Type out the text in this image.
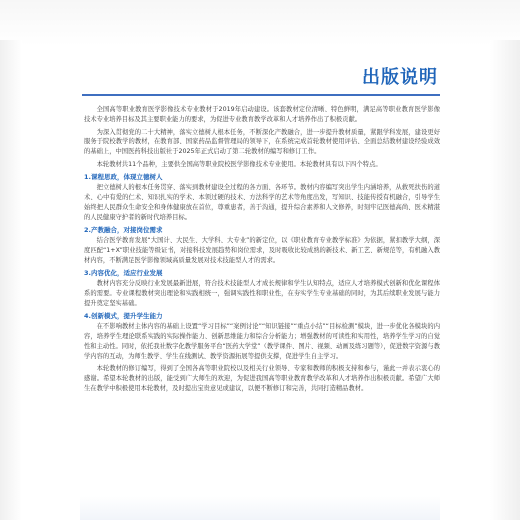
出版说明

全国高等职业教育医学影像技术专业教材于2019年启动建设。该套教材定位清晰、特色鲜明，满足高等职业教育医学影像技术专业培养目标及其主要职业能力的要求，为促进专业教育教学改革和人才培养作出了积极贡献。

为深入贯彻党的二十大精神，落实立德树人根本任务，不断深化产教融合，进一步提升教材质量，紧跟学科发展，建设更好服务于院校教学的教材，在教育部、国家药品监督管理局的领导下，在系统完成首轮教材使用评估、全面总结教材建设经验成效的基础上，中国医药科技出版社于2025年正式启动了第二轮教材的编写和修订工作。

本轮教材共11个品种，主要供全国高等职业院校医学影像技术专业使用。本轮教材具有以下四个特点。

1.课程思政，体现立德树人

把立德树人的根本任务贯穿、落实到教材建设全过程的各方面、各环节。教材内容编写突出学生内涵培养，从救死扶伤的道术、心中有爱的仁术、知识扎实的学术、本领过硬的技术、方法科学的艺术等角度出发，写知识、技能传授有机融合，引导学生始终把人民群众生命安全和身体健康放在首位，尊重患者，善于沟通，提升综合素养和人文修养，时刻牢记医德高尚、医术精湛的人民健康守护者的新时代培养目标。

2.产教融合，对接岗位需求

结合医学教育发展“大国计、大民生、大学科、大专业”的新定位，以《职业教育专业教学标准》为依据，紧扣教学大纲，深度匹配“1+X”职业技能等级证书，对接科技发展趋势和岗位需求，及时吸收比较成熟的新技术、新工艺、新规范等，有机融入教材内容，不断满足医学影像领域高质量发展对技术技能型人才的需求。

3.内容优化，适应行业发展

教材内容充分反映行业发展最新进展，符合技术技能型人才成长规律和学生认知特点，适应人才培养模式创新和优化课程体系的需要。专业课程教材突出理论和实践相统一，强调实践性和职业性，在夯实学生专业基础的同时，为其后续职业发展与能力提升奠定坚实基础。

4.创新模式，提升学生能力

在不影响教材主体内容的基础上设置“学习目标”“案例讨论”“知识链接”“重点小结”“目标检测”模块，进一步优化各模块的内容，培养学生理论联系实践的实际操作能力、创新思维能力和综合分析能力；增强教材的可读性和实用性，培养学生学习的自觉性和主动性。同时，依托我社数字化教学服务平台“医药大学堂”（教学课件、图片、视频、动画及练习题等），促进数字资源与教学内容的互动，为师生教学、学生在线测试、教学资源拓展等提供支撑，促进学生自主学习。

本轮教材的修订编写，得到了全国各高等职业院校以及相关行业领导、专家和教师的积极支持和参与，谨此一并表示衷心的感谢。希望本轮教材的出版，能受到广大师生的欢迎，为促进我国高等职业教育教学改革和人才培养作出积极贡献。希望广大师生在教学中积极使用本轮教材，及时提出宝贵意见或建议，以便不断修订和完善，共同打造精品教材。
